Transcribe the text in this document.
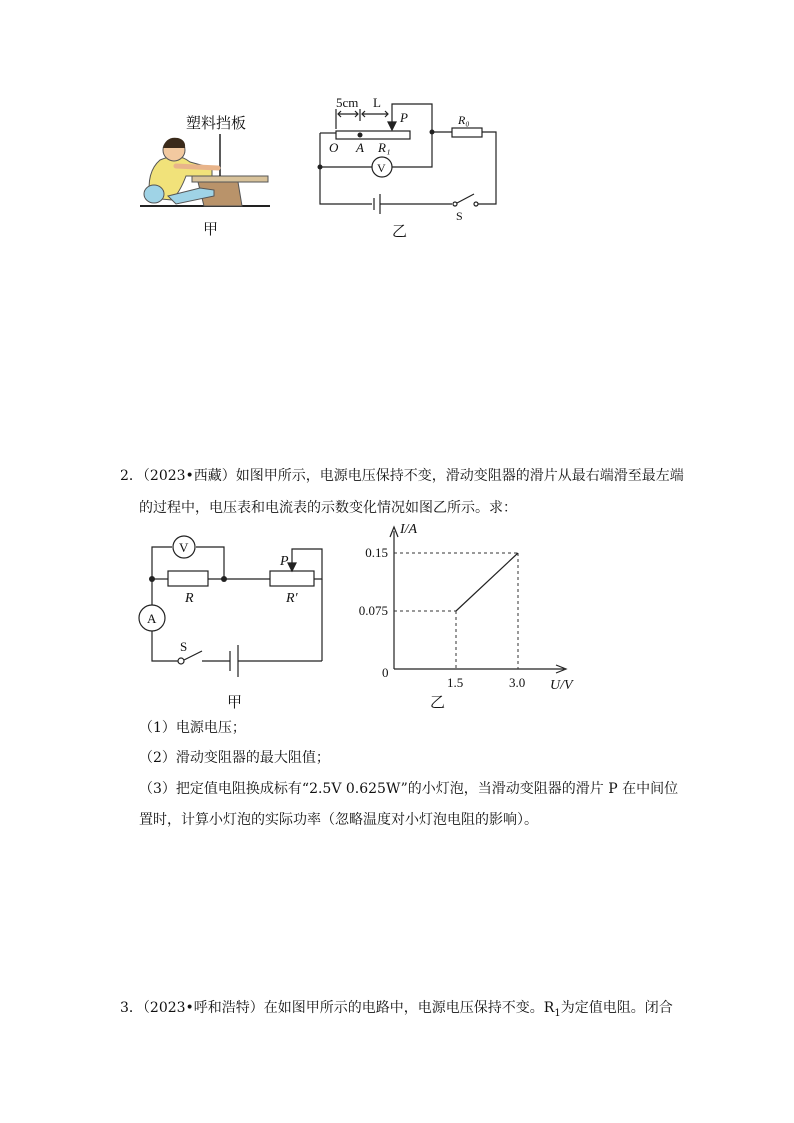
塑料挡板
甲
5cm L
P
O A R₁
V
R₀
S
乙
2．（2023•西藏）如图甲所示，电源电压保持不变，滑动变阻器的滑片从最右端滑至最左端
的过程中，电压表和电流表的示数变化情况如图乙所示。求：
V
A
R	R′
P
S
甲
1.5	3.0
0.075
0.15
I/A
U/V
0
乙
（1）电源电压；
（2）滑动变阻器的最大阻值；
（3）把定值电阻换成标有“2.5V 0.625W”的小灯泡，当滑动变阻器的滑片 P 在中间位
置时，计算小灯泡的实际功率（忽略温度对小灯泡电阻的影响）。
3．（2023•呼和浩特）在如图甲所示的电路中，电源电压保持不变。$R_1$为定值电阻。闭合
